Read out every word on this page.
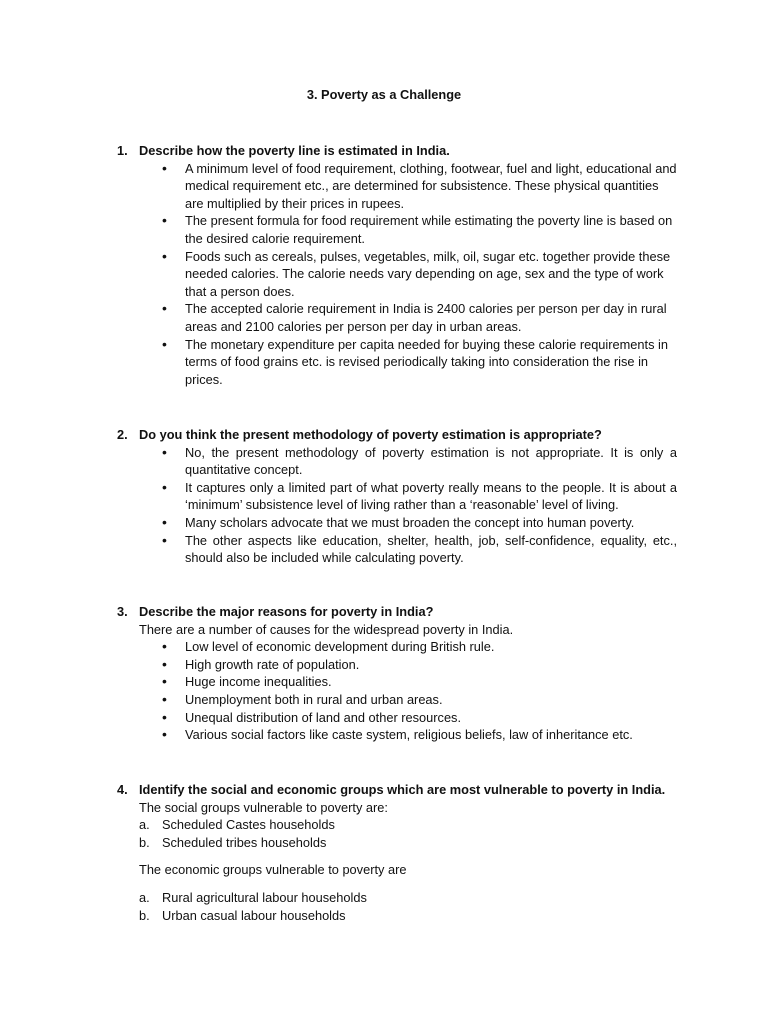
3. Poverty as a Challenge
1. Describe how the poverty line is estimated in India.
• A minimum level of food requirement, clothing, footwear, fuel and light, educational and medical requirement etc., are determined for subsistence. These physical quantities are multiplied by their prices in rupees.
• The present formula for food requirement while estimating the poverty line is based on the desired calorie requirement.
• Foods such as cereals, pulses, vegetables, milk, oil, sugar etc. together provide these needed calories. The calorie needs vary depending on age, sex and the type of work that a person does.
• The accepted calorie requirement in India is 2400 calories per person per day in rural areas and 2100 calories per person per day in urban areas.
• The monetary expenditure per capita needed for buying these calorie requirements in terms of food grains etc. is revised periodically taking into consideration the rise in prices.
2. Do you think the present methodology of poverty estimation is appropriate?
• No, the present methodology of poverty estimation is not appropriate. It is only a quantitative concept.
• It captures only a limited part of what poverty really means to the people. It is about a ‘minimum’ subsistence level of living rather than a ‘reasonable’ level of living.
• Many scholars advocate that we must broaden the concept into human poverty.
• The other aspects like education, shelter, health, job, self-confidence, equality, etc., should also be included while calculating poverty.
3. Describe the major reasons for poverty in India?
There are a number of causes for the widespread poverty in India.
• Low level of economic development during British rule.
• High growth rate of population.
• Huge income inequalities.
• Unemployment both in rural and urban areas.
• Unequal distribution of land and other resources.
• Various social factors like caste system, religious beliefs, law of inheritance etc.
4. Identify the social and economic groups which are most vulnerable to poverty in India.
The social groups vulnerable to poverty are:
a. Scheduled Castes households
b. Scheduled tribes households
The economic groups vulnerable to poverty are
a. Rural agricultural labour households
b. Urban casual labour households
